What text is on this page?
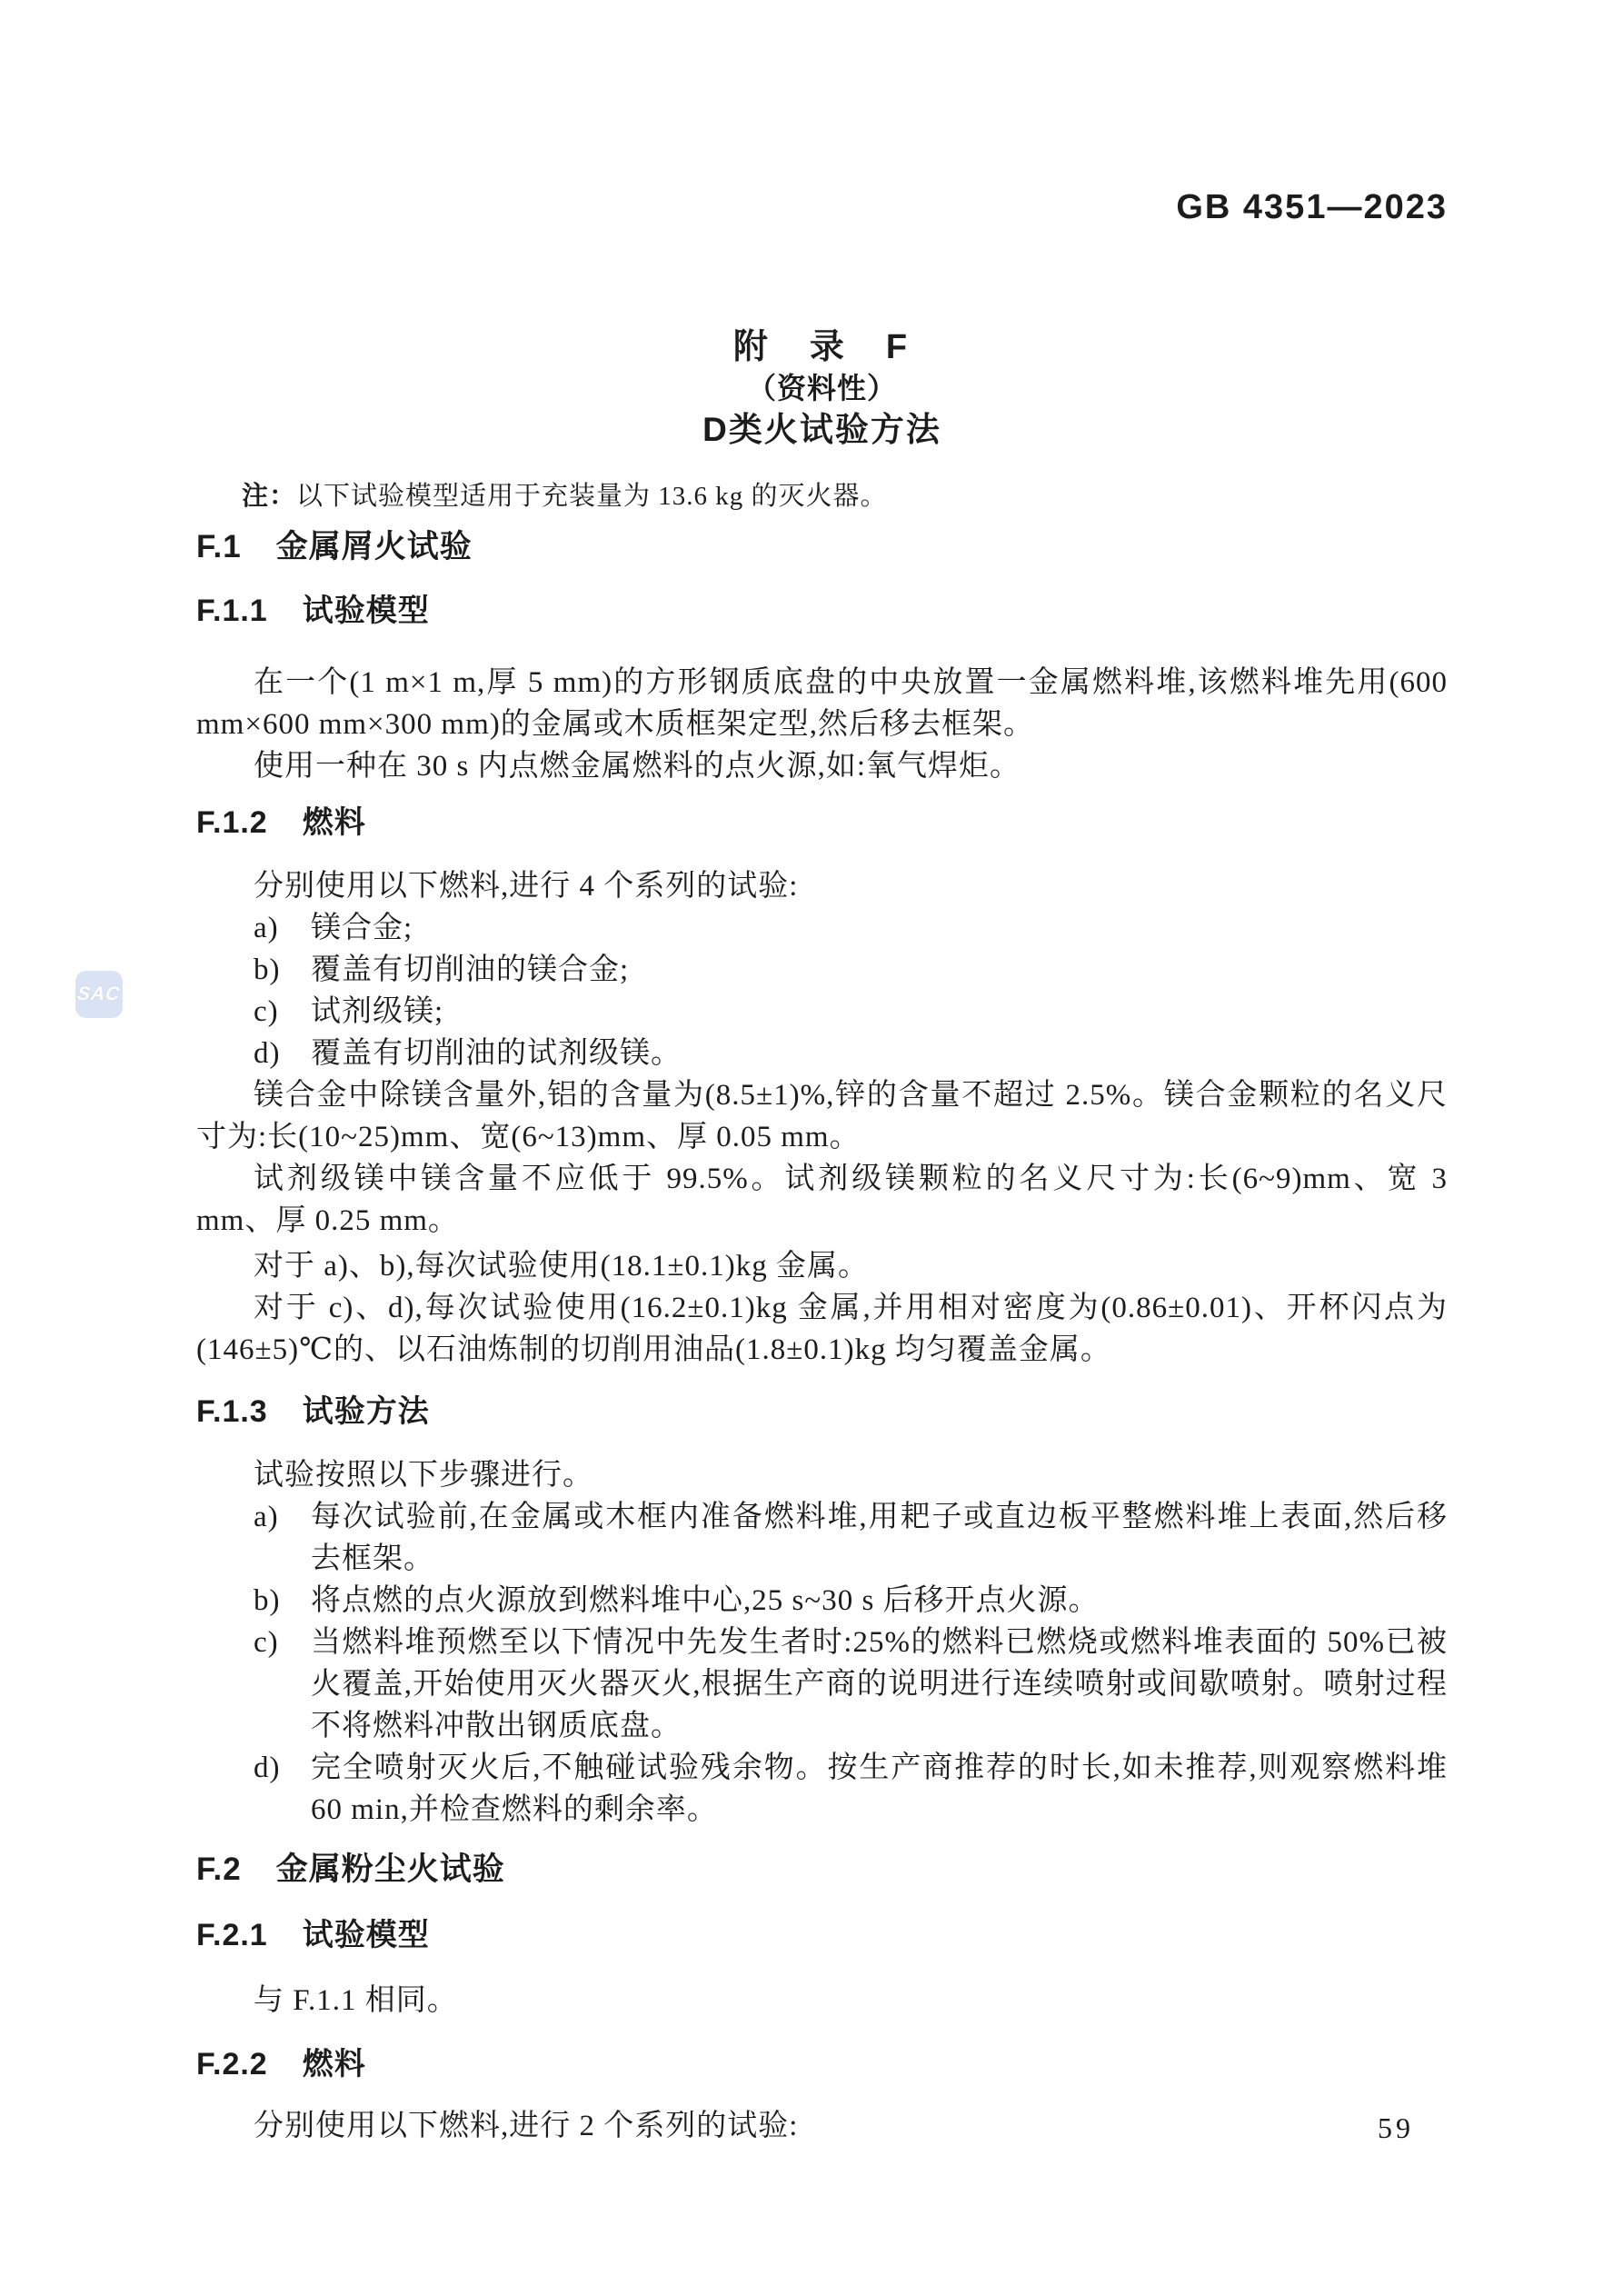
SAC
GB 4351—2023
附　录　F
（资料性）
D类火试验方法
注：以下试验模型适用于充装量为 13.6 kg 的灭火器。
F.1 金属屑火试验
F.1.1 试验模型
在一个(1 m×1 m,厚 5 mm)的方形钢质底盘的中央放置一金属燃料堆,该燃料堆先用(600 mm×600 mm×300 mm)的金属或木质框架定型,然后移去框架。
使用一种在 30 s 内点燃金属燃料的点火源,如:氧气焊炬。
F.1.2 燃料
分别使用以下燃料,进行 4 个系列的试验:
a)	镁合金;
b)	覆盖有切削油的镁合金;
c)	试剂级镁;
d)	覆盖有切削油的试剂级镁。
镁合金中除镁含量外,铝的含量为(8.5±1)%,锌的含量不超过 2.5%。镁合金颗粒的名义尺寸为:长(10~25)mm、宽(6~13)mm、厚 0.05 mm。
试剂级镁中镁含量不应低于 99.5%。试剂级镁颗粒的名义尺寸为:长(6~9)mm、宽 3 mm、厚 0.25 mm。
对于 a)、b),每次试验使用(18.1±0.1)kg 金属。
对于 c)、d),每次试验使用(16.2±0.1)kg 金属,并用相对密度为(0.86±0.01)、开杯闪点为(146±5)℃的、以石油炼制的切削用油品(1.8±0.1)kg 均匀覆盖金属。
F.1.3 试验方法
试验按照以下步骤进行。
a)	每次试验前,在金属或木框内准备燃料堆,用耙子或直边板平整燃料堆上表面,然后移去框架。
b)	将点燃的点火源放到燃料堆中心,25 s~30 s 后移开点火源。
c)	当燃料堆预燃至以下情况中先发生者时:25%的燃料已燃烧或燃料堆表面的 50%已被火覆盖,开始使用灭火器灭火,根据生产商的说明进行连续喷射或间歇喷射。喷射过程不将燃料冲散出钢质底盘。
d)	完全喷射灭火后,不触碰试验残余物。按生产商推荐的时长,如未推荐,则观察燃料堆 60 min,并检查燃料的剩余率。
F.2 金属粉尘火试验
F.2.1 试验模型
与 F.1.1 相同。
F.2.2 燃料
分别使用以下燃料,进行 2 个系列的试验:	59
